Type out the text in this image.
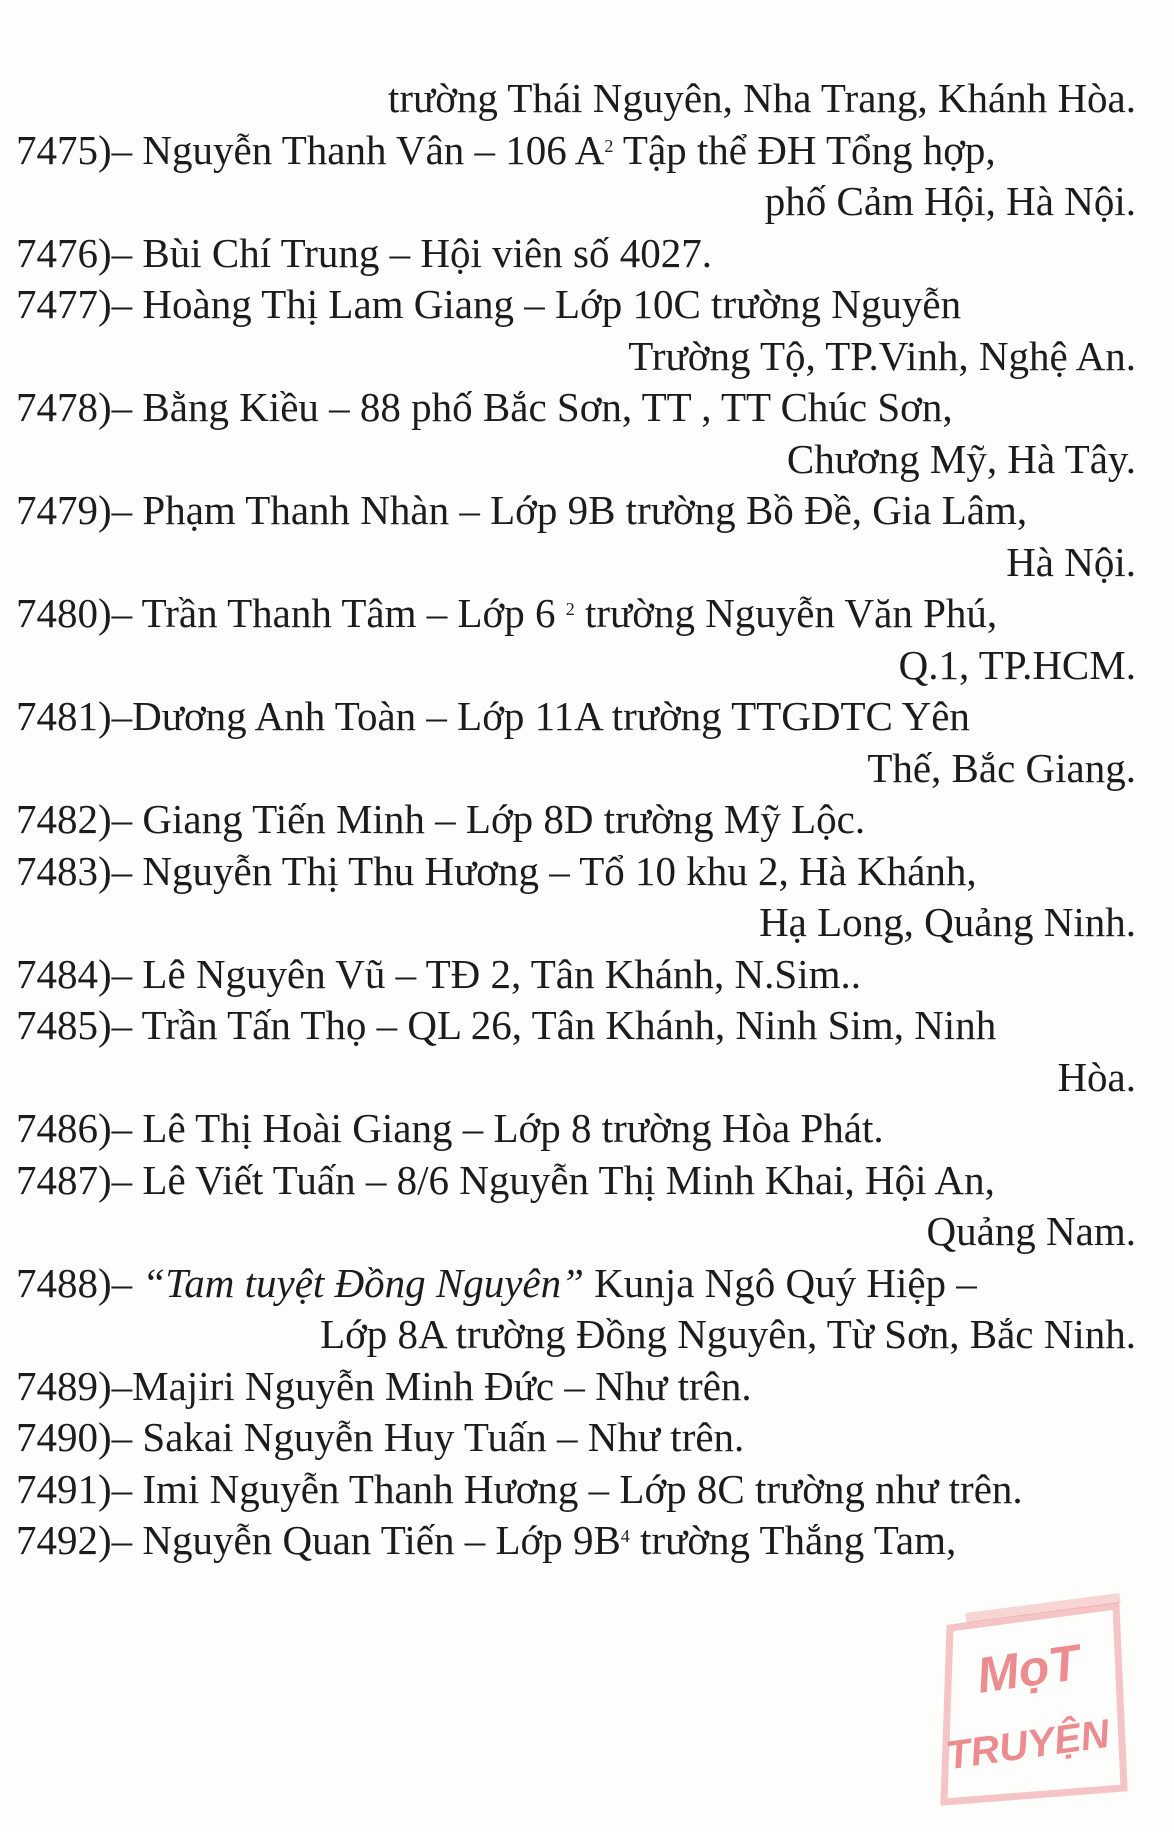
trường Thái Nguyên, Nha Trang, Khánh Hòa.
7475)– Nguyễn Thanh Vân – 106 $A^2$ Tập thể ĐH Tổng hợp,
phố Cảm Hội, Hà Nội.
7476)– Bùi Chí Trung – Hội viên số 4027.
7477)– Hoàng Thị Lam Giang – Lớp 10C trường Nguyễn
Trường Tộ, TP.Vinh, Nghệ An.
7478)– Bằng Kiều – 88 phố Bắc Sơn, TT , TT Chúc Sơn,
Chương Mỹ, Hà Tây.
7479)– Phạm Thanh Nhàn – Lớp 9B trường Bồ Đề, Gia Lâm,
Hà Nội.
7480)– Trần Thanh Tâm – Lớp 6 $^2$ trường Nguyễn Văn Phú,
Q.1, TP.HCM.
7481)–Dương Anh Toàn – Lớp 11A trường TTGDTC Yên
Thế, Bắc Giang.
7482)– Giang Tiến Minh – Lớp 8D trường Mỹ Lộc.
7483)– Nguyễn Thị Thu Hương – Tổ 10 khu 2, Hà Khánh,
Hạ Long, Quảng Ninh.
7484)– Lê Nguyên Vũ – TĐ 2, Tân Khánh, N.Sim..
7485)– Trần Tấn Thọ – QL 26, Tân Khánh, Ninh Sim, Ninh
Hòa.
7486)– Lê Thị Hoài Giang – Lớp 8 trường Hòa Phát.
7487)– Lê Viết Tuấn – 8/6 Nguyễn Thị Minh Khai, Hội An,
Quảng Nam.
7488)– “Tam tuyệt Đồng Nguyên” Kunja Ngô Quý Hiệp –
Lớp 8A trường Đồng Nguyên, Từ Sơn, Bắc Ninh.
7489)–Majiri Nguyễn Minh Đức – Như trên.
7490)– Sakai Nguyễn Huy Tuấn – Như trên.
7491)– Imi Nguyễn Thanh Hương – Lớp 8C trường như trên.
7492)– Nguyễn Quan Tiến – Lớp $9B^4$ trường Thắng Tam,
MọT
TRUYỆN
